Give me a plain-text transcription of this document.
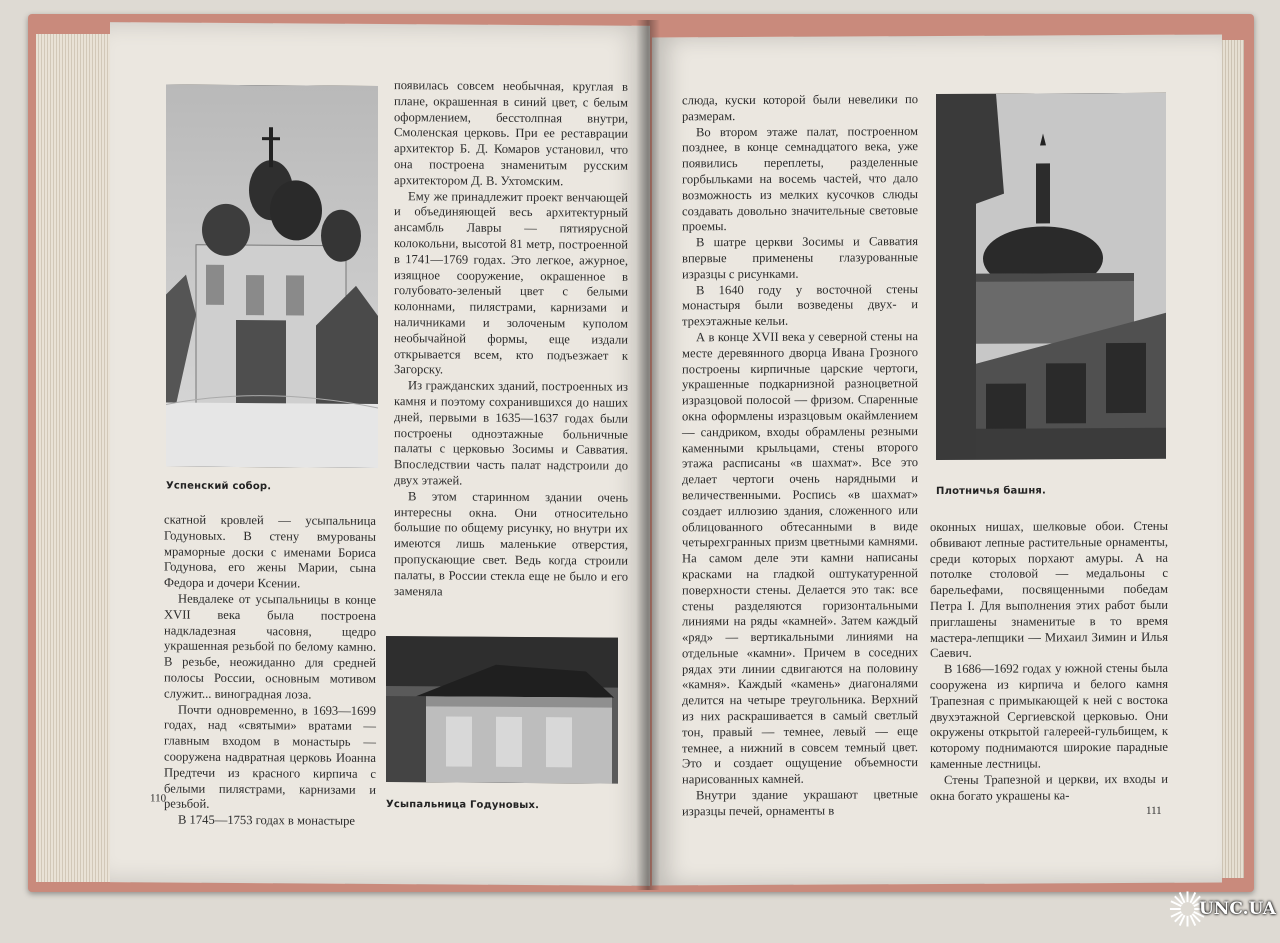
Успенский собор.

скатной кровлей — усыпальница Годуновых. В стену вмурованы мраморные доски с именами Бориса Годунова, его жены Марии, сына Федора и дочери Ксении.

Невдалеке от усыпальницы в конце XVII века была построена надкладезная часовня, щедро украшенная резьбой по белому камню. В резьбе, неожиданно для средней полосы России, основным мотивом служит... виноградная лоза.

Почти одновременно, в 1693—1699 годах, над «святыми» вратами — главным входом в монастырь — сооружена надвратная церковь Иоанна Предтечи из красного кирпича с белыми пилястрами, карнизами и резьбой.

В 1745—1753 годах в монастыре

появилась совсем необычная, круглая в плане, окрашенная в синий цвет, с белым оформлением, бесстолпная внутри, Смоленская церковь. При ее реставрации архитектор Б. Д. Комаров установил, что она построена знаменитым русским архитектором Д. В. Ухтомским.

Ему же принадлежит проект венчающей и объединяющей весь архитектурный ансамбль Лавры — пятиярусной колокольни, высотой 81 метр, построенной в 1741—1769 годах. Это легкое, ажурное, изящное сооружение, окрашенное в голубовато-зеленый цвет с белыми колоннами, пилястрами, карнизами и наличниками и золоченым куполом необычайной формы, еще издали открывается всем, кто подъезжает к Загорску.

Из гражданских зданий, построенных из камня и поэтому сохранившихся до наших дней, первыми в 1635—1637 годах были построены одноэтажные больничные палаты с церковью Зосимы и Савватия. Впоследствии часть палат надстроили до двух этажей.

В этом старинном здании очень интересны окна. Они относительно большие по общему рисунку, но внутри их имеются лишь маленькие отверстия, пропускающие свет. Ведь когда строили палаты, в России стекла еще не было и его заменяла

Усыпальница Годуновых.
110

слюда, куски которой были невелики по размерам.

Во втором этаже палат, построенном позднее, в конце семнадцатого века, уже появились переплеты, разделенные горбыльками на восемь частей, что дало возможность из мелких кусочков слюды создавать довольно значительные световые проемы.

В шатре церкви Зосимы и Савватия впервые применены глазурованные изразцы с рисунками.

В 1640 году у восточной стены монастыря были возведены двух- и трехэтажные кельи.

А в конце XVII века у северной стены на месте деревянного дворца Ивана Грозного построены кирпичные царские чертоги, украшенные подкарнизной разноцветной изразцовой полосой — фризом. Спаренные окна оформлены изразцовым окаймлением — сандриком, входы обрамлены резными каменными крыльцами, стены второго этажа расписаны «в шахмат». Все это делает чертоги очень нарядными и величественными. Роспись «в шахмат» создает иллюзию здания, сложенного или облицованного обтесанными в виде четырехгранных призм цветными камнями. На самом деле эти камни написаны красками на гладкой оштукатуренной поверхности стены. Делается это так: все стены разделяются горизонтальными линиями на ряды «камней». Затем каждый «ряд» — вертикальными линиями на отдельные «камни». Причем в соседних рядах эти линии сдвигаются на половину «камня». Каждый «камень» диагоналями делится на четыре треугольника. Верхний из них раскрашивается в самый светлый тон, правый — темнее, левый — еще темнее, а нижний в совсем темный цвет. Это и создает ощущение объемности нарисованных камней.

Внутри здание украшают цветные изразцы печей, орнаменты в

Плотничья башня.

оконных нишах, шелковые обои. Стены обвивают лепные растительные орнаменты, среди которых порхают амуры. А на потолке столовой — медальоны с барельефами, посвященными победам Петра I. Для выполнения этих работ были приглашены знаменитые в то время мастера-лепщики — Михаил Зимин и Илья Саевич.

В 1686—1692 годах у южной стены была сооружена из кирпича и белого камня Трапезная с примыкающей к ней с востока двухэтажной Сергиевской церковью. Они окружены открытой галереей-гульбищем, к которому поднимаются широкие парадные каменные лестницы.

Стены Трапезной и церкви, их входы и окна богато украшены ка-

111
UNC.UA
